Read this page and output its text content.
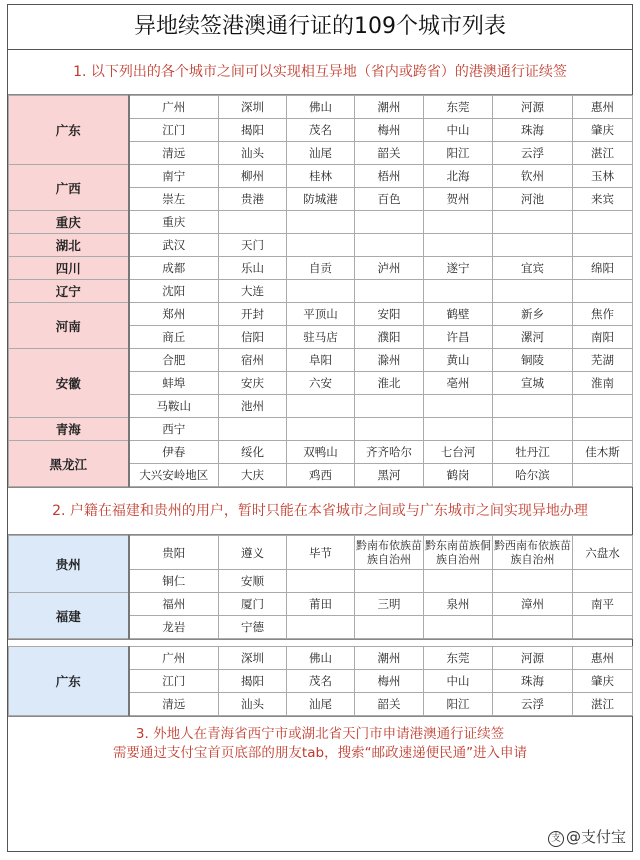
异地续签港澳通行证的109个城市列表
1. 以下列出的各个城市之间可以实现相互异地（省内或跨省）的港澳通行证续签
广东	广州	深圳	佛山	潮州	东莞	河源	惠州
	江门	揭阳	茂名	梅州	中山	珠海	肇庆
	清远	汕头	汕尾	韶关	阳江	云浮	湛江
广西	南宁	柳州	桂林	梧州	北海	钦州	玉林
	崇左	贵港	防城港	百色	贺州	河池	来宾
重庆	重庆						
湖北	武汉	天门					
四川	成都	乐山	自贡	泸州	遂宁	宜宾	绵阳
辽宁	沈阳	大连					
河南	郑州	开封	平顶山	安阳	鹤壁	新乡	焦作
	商丘	信阳	驻马店	濮阳	许昌	漯河	南阳
安徽	合肥	宿州	阜阳	滁州	黄山	铜陵	芜湖
	蚌埠	安庆	六安	淮北	亳州	宣城	淮南
	马鞍山	池州					
青海	西宁						
黑龙江	伊春	绥化	双鸭山	齐齐哈尔	七台河	牡丹江	佳木斯
	大兴安岭地区	大庆	鸡西	黑河	鹤岗	哈尔滨	
2. 户籍在福建和贵州的用户，暂时只能在本省城市之间或与广东城市之间实现异地办理
贵州	贵阳	遵义	毕节	黔南布依族苗族自治州	黔东南苗族侗族自治州	黔西南布依族苗族自治州	六盘水
	铜仁	安顺					
福建	福州	厦门	莆田	三明	泉州	漳州	南平
	龙岩	宁德					
广东	广州	深圳	佛山	潮州	东莞	河源	惠州
	江门	揭阳	茂名	梅州	中山	珠海	肇庆
	清远	汕头	汕尾	韶关	阳江	云浮	湛江
3. 外地人在青海省西宁市或湖北省天门市申请港澳通行证续签
需要通过支付宝首页底部的朋友tab，搜索“邮政速递便民通”进入申请
支 @支付宝
